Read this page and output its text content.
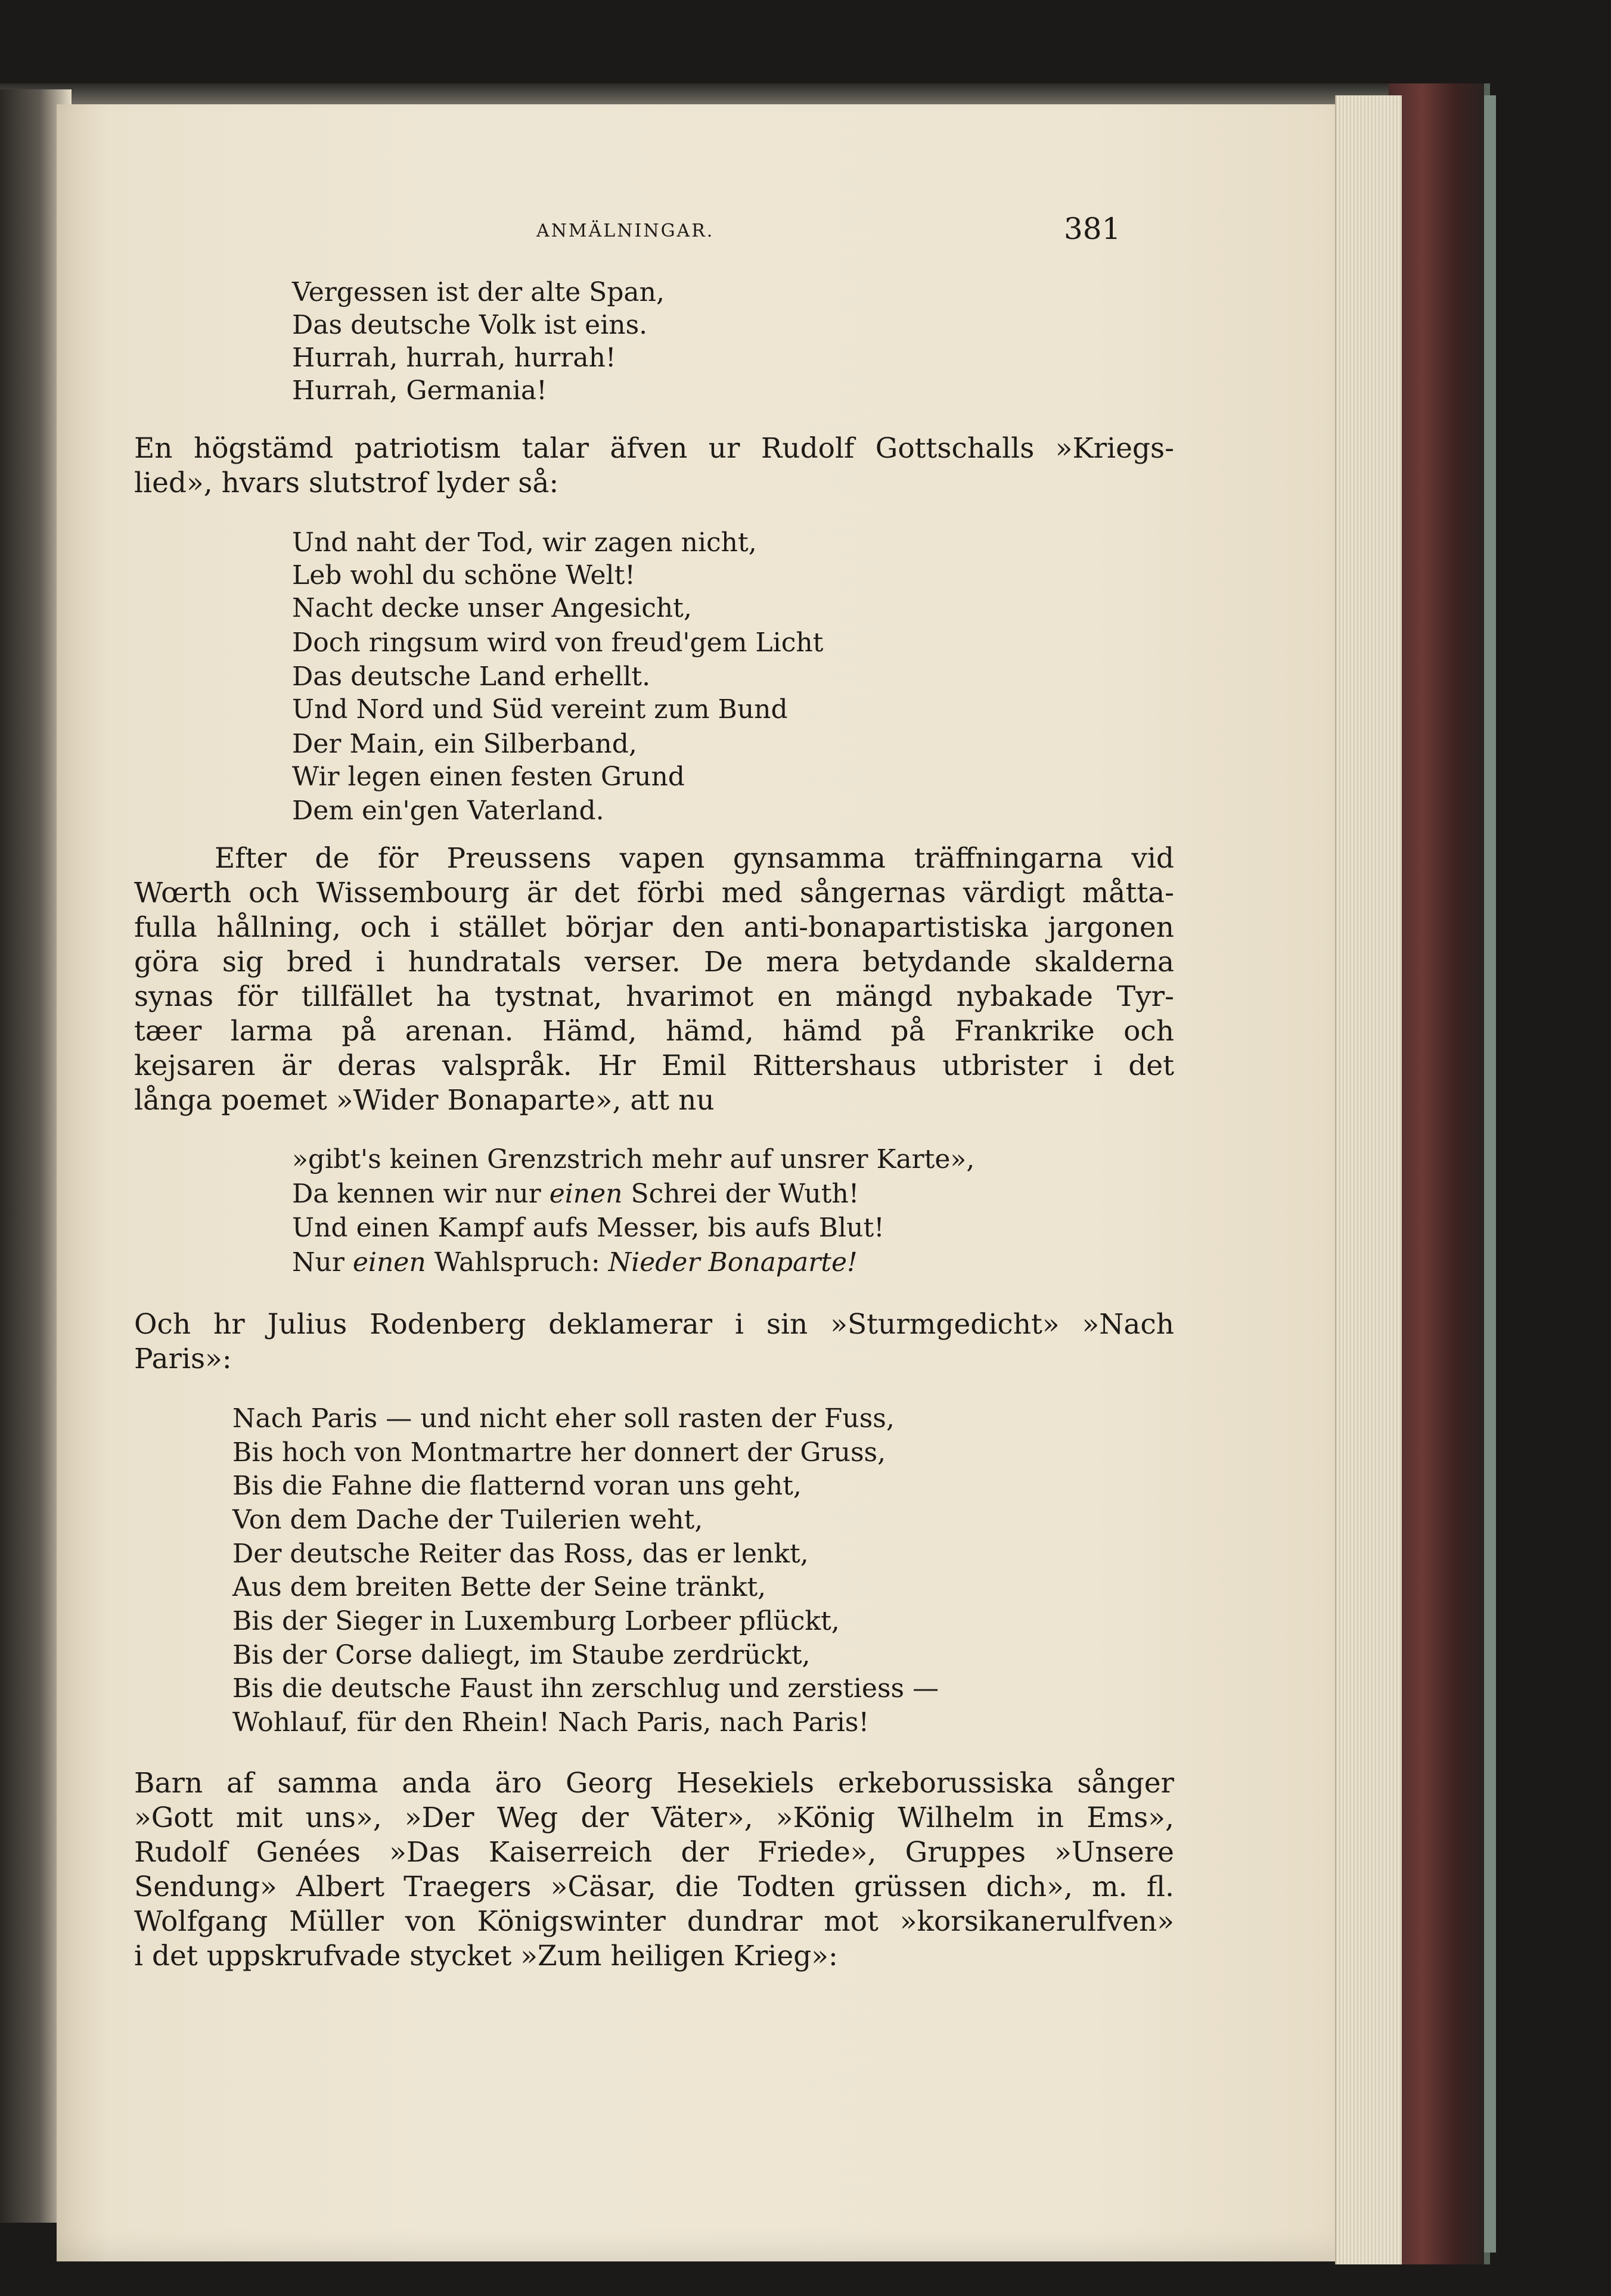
ANMÄLNINGAR.	381
Vergessen ist der alte Span,
Das deutsche Volk ist eins.
Hurrah, hurrah, hurrah!
Hurrah, Germania!
En högstämd patriotism talar äfven ur Rudolf Gottschalls »Kriegs-
lied», hvars slutstrof lyder så:
Und naht der Tod, wir zagen nicht,
Leb wohl du schöne Welt!
Nacht decke unser Angesicht,
Doch ringsum wird von freud'gem Licht
Das deutsche Land erhellt.
Und Nord und Süd vereint zum Bund
Der Main, ein Silberband,
Wir legen einen festen Grund
Dem ein'gen Vaterland.
Efter de för Preussens vapen gynsamma träffningarna vid
Wœrth och Wissembourg är det förbi med sångernas värdigt måtta-
fulla hållning, och i stället börjar den anti-bonapartistiska jargonen
göra sig bred i hundratals verser. De mera betydande skalderna
synas för tillfället ha tystnat, hvarimot en mängd nybakade Tyr-
tæer larma på arenan. Hämd, hämd, hämd på Frankrike och
kejsaren är deras valspråk. Hr Emil Rittershaus utbrister i det
långa poemet »Wider Bonaparte», att nu
»gibt's keinen Grenzstrich mehr auf unsrer Karte»,
Da kennen wir nur einen Schrei der Wuth!
Und einen Kampf aufs Messer, bis aufs Blut!
Nur einen Wahlspruch: Nieder Bonaparte!
Och hr Julius Rodenberg deklamerar i sin »Sturmgedicht» »Nach
Paris»:
Nach Paris — und nicht eher soll rasten der Fuss,
Bis hoch von Montmartre her donnert der Gruss,
Bis die Fahne die flatternd voran uns geht,
Von dem Dache der Tuilerien weht,
Der deutsche Reiter das Ross, das er lenkt,
Aus dem breiten Bette der Seine tränkt,
Bis der Sieger in Luxemburg Lorbeer pflückt,
Bis der Corse daliegt, im Staube zerdrückt,
Bis die deutsche Faust ihn zerschlug und zerstiess —
Wohlauf, für den Rhein! Nach Paris, nach Paris!
Barn af samma anda äro Georg Hesekiels erkeborussiska sånger
»Gott mit uns», »Der Weg der Väter», »König Wilhelm in Ems»,
Rudolf Genées »Das Kaiserreich der Friede», Gruppes »Unsere
Sendung» Albert Traegers »Cäsar, die Todten grüssen dich», m. fl.
Wolfgang Müller von Königswinter dundrar mot »korsikanerulfven»
i det uppskrufvade stycket »Zum heiligen Krieg»:
